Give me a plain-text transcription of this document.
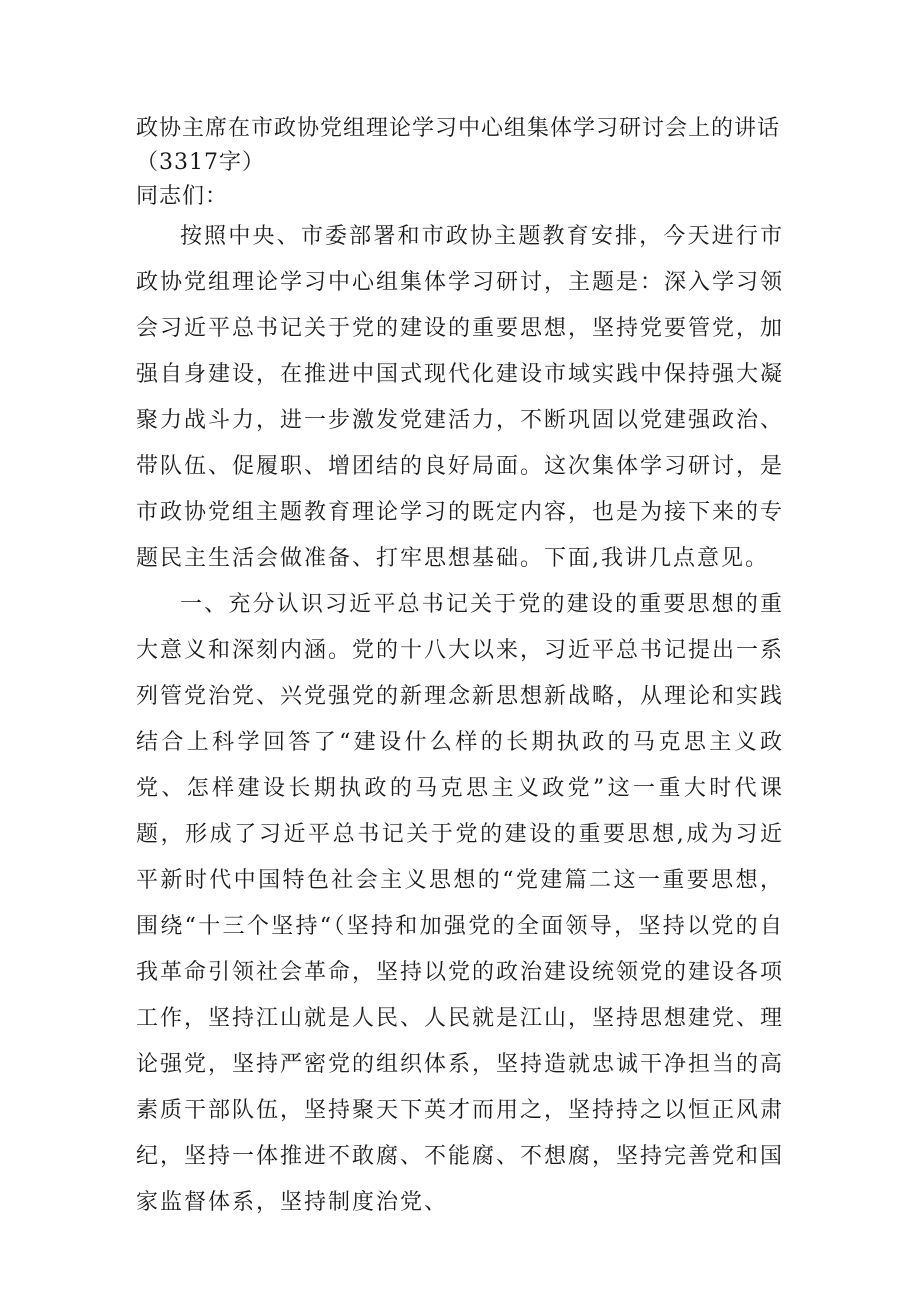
政协主席在市政协党组理论学习中心组集体学习研讨会上的讲话（3317字）

同志们：

按照中央、市委部署和市政协主题教育安排，今天进行市政协党组理论学习中心组集体学习研讨，主题是：深入学习领会习近平总书记关于党的建设的重要思想，坚持党要管党，加强自身建设，在推进中国式现代化建设市域实践中保持强大凝聚力战斗力，进一步激发党建活力，不断巩固以党建强政治、带队伍、促履职、增团结的良好局面。这次集体学习研讨，是市政协党组主题教育理论学习的既定内容，也是为接下来的专题民主生活会做准备、打牢思想基础。下面,我讲几点意见。

一、充分认识习近平总书记关于党的建设的重要思想的重大意义和深刻内涵。党的十八大以来，习近平总书记提出一系列管党治党、兴党强党的新理念新思想新战略，从理论和实践结合上科学回答了“建设什么样的长期执政的马克思主义政党、怎样建设长期执政的马克思主义政党”这一重大时代课题，形成了习近平总书记关于党的建设的重要思想,成为习近平新时代中国特色社会主义思想的“党建篇二这一重要思想，围绕“十三个坚持“（坚持和加强党的全面领导，坚持以党的自我革命引领社会革命，坚持以党的政治建设统领党的建设各项工作，坚持江山就是人民、人民就是江山，坚持思想建党、理论强党，坚持严密党的组织体系，坚持造就忠诚干净担当的高素质干部队伍，坚持聚天下英才而用之，坚持持之以恒正风肃纪，坚持一体推进不敢腐、不能腐、不想腐，坚持完善党和国家监督体系，坚持制度治党、
